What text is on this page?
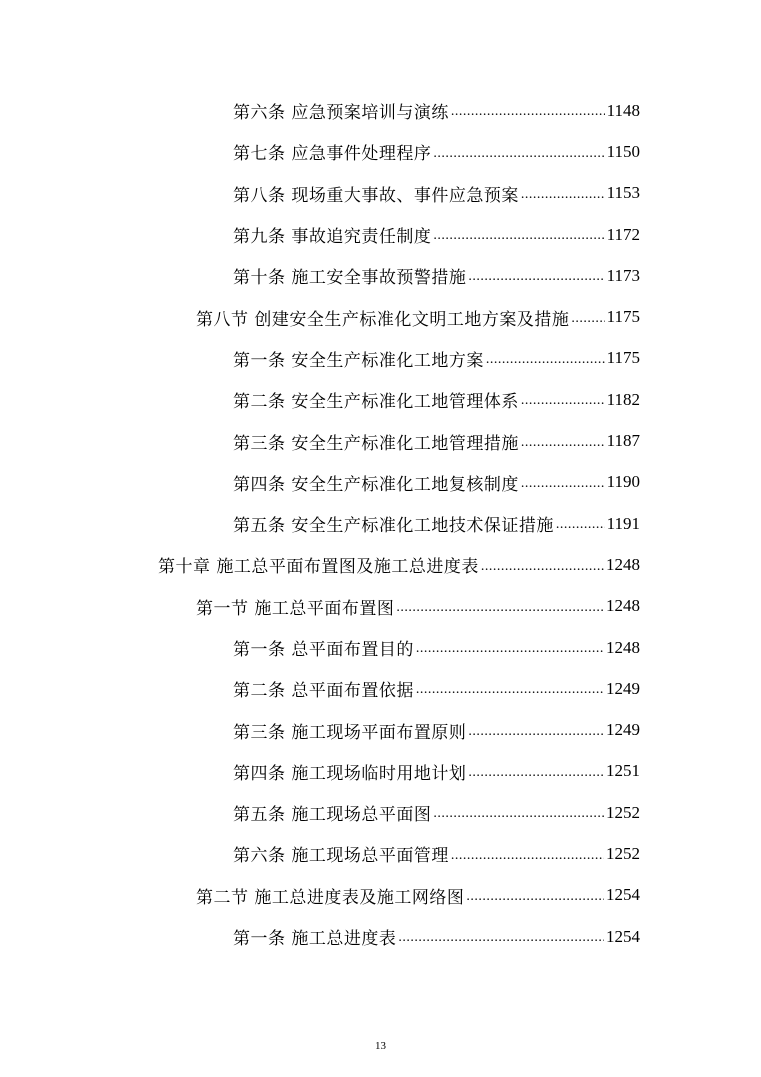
第六条 应急预案培训与演练 .....	1148
第七条 应急事件处理程序 .....	1150
第八条 现场重大事故、事件应急预案 .....	1153
第九条 事故追究责任制度 .....	1172
第十条 施工安全事故预警措施 .....	1173
第八节 创建安全生产标准化文明工地方案及措施 ..... 1175
第一条 安全生产标准化工地方案 .....	1175
第二条 安全生产标准化工地管理体系 .....	1182
第三条 安全生产标准化工地管理措施 .....	1187
第四条 安全生产标准化工地复核制度 .....	1190
第五条 安全生产标准化工地技术保证措施 .....	1191
第十章 施工总平面布置图及施工总进度表 .....	1248
第一节 施工总平面布置图 .....	1248
第一条 总平面布置目的 .....	1248
第二条 总平面布置依据 .....	1249
第三条 施工现场平面布置原则 .....	1249
第四条 施工现场临时用地计划 .....	1251
第五条 施工现场总平面图 .....	1252
第六条 施工现场总平面管理 .....	1252
第二节 施工总进度表及施工网络图 .....	1254
第一条 施工总进度表 .....	1254
13
